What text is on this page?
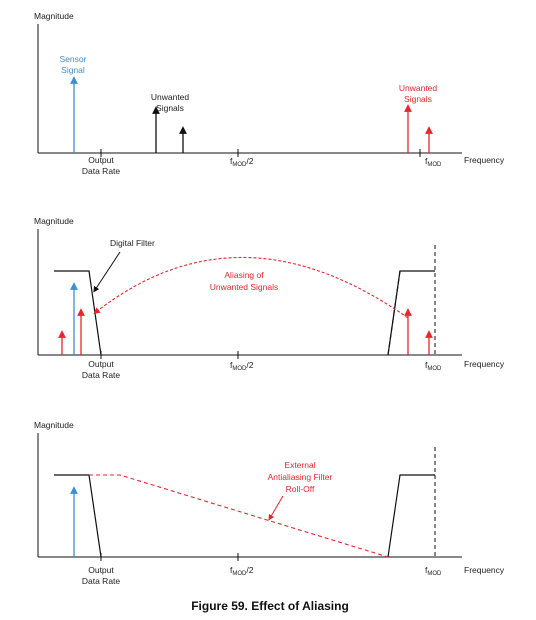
Magnitude
Frequency
Output
Data Rate
$f_{MOD}/2$	$f_{MOD}$
Sensor
Signal
Unwanted
Signals
Unwanted
Signals
Magnitude
Frequency
Output
Data Rate
$f_{MOD}/2$	$f_{MOD}$
Digital Filter
Aliasing of
Unwanted Signals
Magnitude
Frequency
Output
Data Rate
$f_{MOD}/2$	$f_{MOD}$
External
Antialiasing Filter
Roll-Off
Figure 59. Effect of Aliasing
